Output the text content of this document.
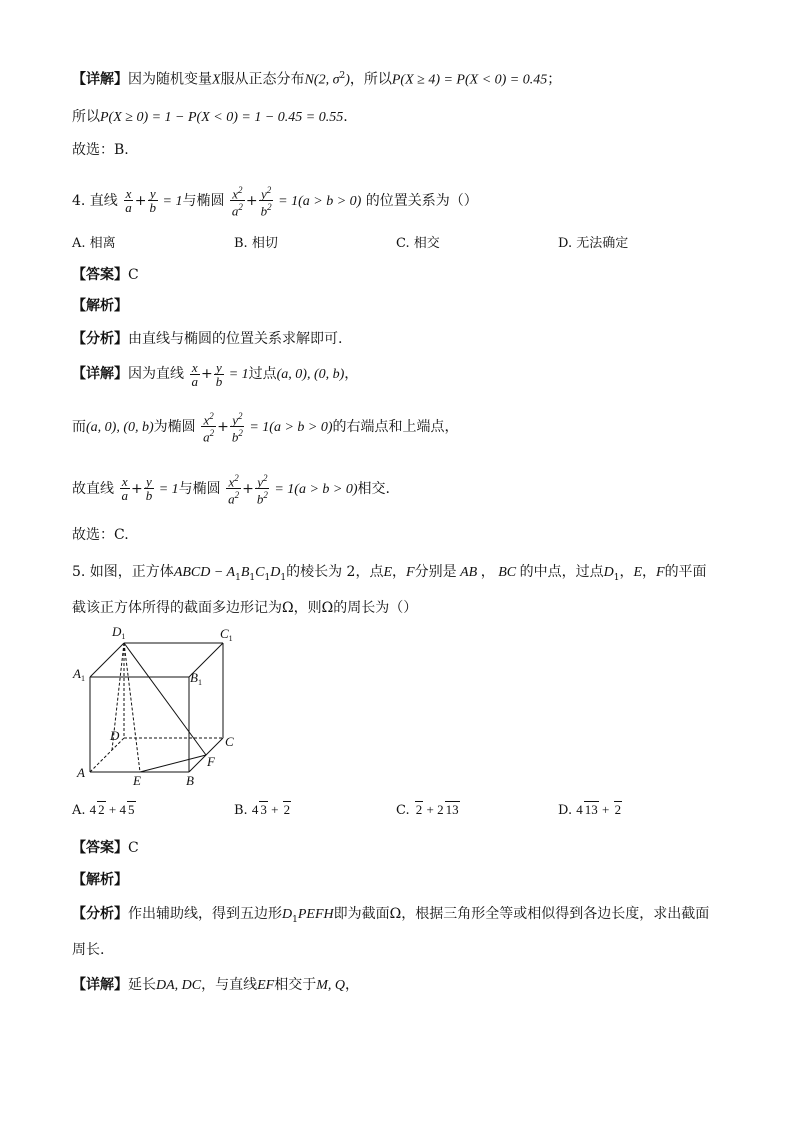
【详解】因为随机变量X服从正态分布N(2, $\sigma^2$)，所以P(X ≥ 4) = P(X < 0) = 0.45；
所以P(X ≥ 0) = 1 − P(X < 0) = 1 − 0.45 = 0.55.
故选：B.
4. 直线 $\frac{x}{a} + \frac{y}{b} = 1$与椭圆 $\frac{x^2}{a^2} + \frac{y^2}{b^2} = 1(a > b > 0)$ 的位置关系为（）
A. 相离	B. 相切	C. 相交	D. 无法确定
【答案】C
【解析】
【分析】由直线与椭圆的位置关系求解即可.
【详解】因为直线 $\frac{x}{a} + \frac{y}{b} = 1$过点(a, 0), (0, b)，
而(a, 0), (0, b)为椭圆 $\frac{x^2}{a^2} + \frac{y^2}{b^2} = 1(a > b > 0)$的右端点和上端点，
故直线 $\frac{x}{a} + \frac{y}{b} = 1$与椭圆 $\frac{x^2}{a^2} + \frac{y^2}{b^2} = 1(a > b > 0)$相交.
故选：C.
5. 如图，正方体ABCD − $A_1B_1C_1D_1$的棱长为 2，点E，F分别是 AB ， BC 的中点，过点$D_1$，E，F的平面
截该正方体所得的截面多边形记为Ω，则Ω的周长为（）
$D_1$	$C_1$
$A_1$	$B_1$
D	C
A
B
E
F
A. 4 2 + 4 5	B. 4 3 + 2	C. 2 + 2 13	D. 4 13 + 2
【答案】C
【解析】
【分析】作出辅助线，得到五边形$D_1PEFH$即为截面Ω，根据三角形全等或相似得到各边长度，求出截面
周长.
【详解】延长DA, DC，与直线EF相交于M, Q，
